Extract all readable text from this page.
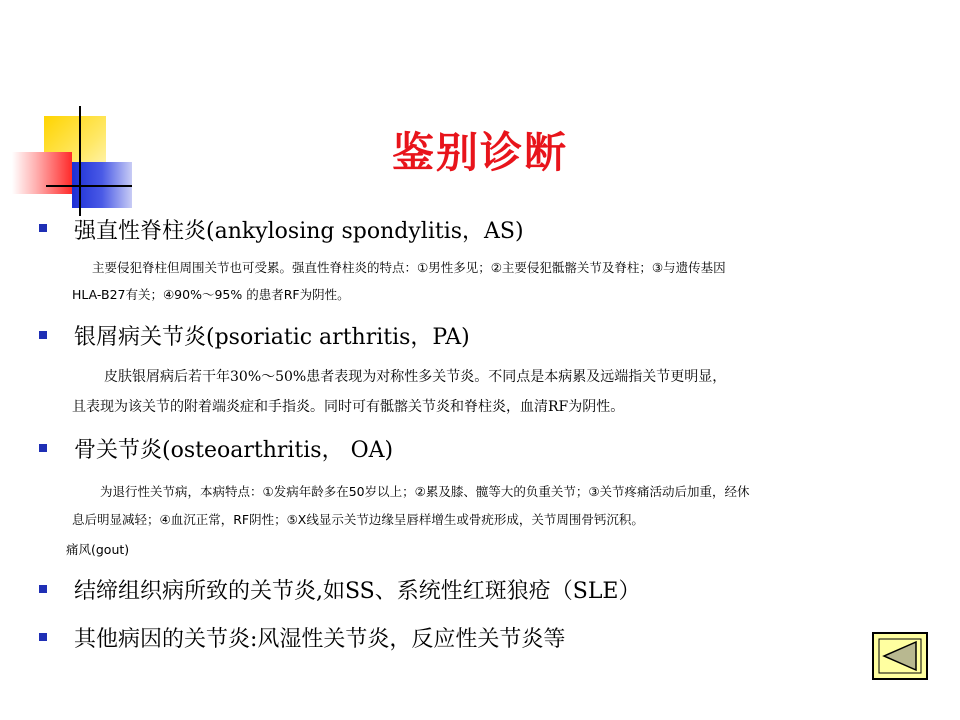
鉴别诊断
强直性脊柱炎(ankylosing spondylitis，AS)
主要侵犯脊柱但周围关节也可受累。强直性脊柱炎的特点：①男性多见；②主要侵犯骶髂关节及脊柱；③与遗传基因
HLA-B27有关；④90%～95% 的患者RF为阴性。
银屑病关节炎(psoriatic arthritis，PA)
皮肤银屑病后若干年30%～50%患者表现为对称性多关节炎。不同点是本病累及远端指关节更明显，
且表现为该关节的附着端炎症和手指炎。同时可有骶髂关节炎和脊柱炎，血清RF为阴性。
骨关节炎(osteoarthritis， OA)
为退行性关节病，本病特点：①发病年龄多在50岁以上；②累及膝、髋等大的负重关节；③关节疼痛活动后加重，经休
息后明显减轻；④血沉正常，RF阴性；⑤X线显示关节边缘呈唇样增生或骨疣形成，关节周围骨钙沉积。
痛风(gout)
结缔组织病所致的关节炎,如SS、系统性红斑狼疮（SLE）
其他病因的关节炎:风湿性关节炎，反应性关节炎等
